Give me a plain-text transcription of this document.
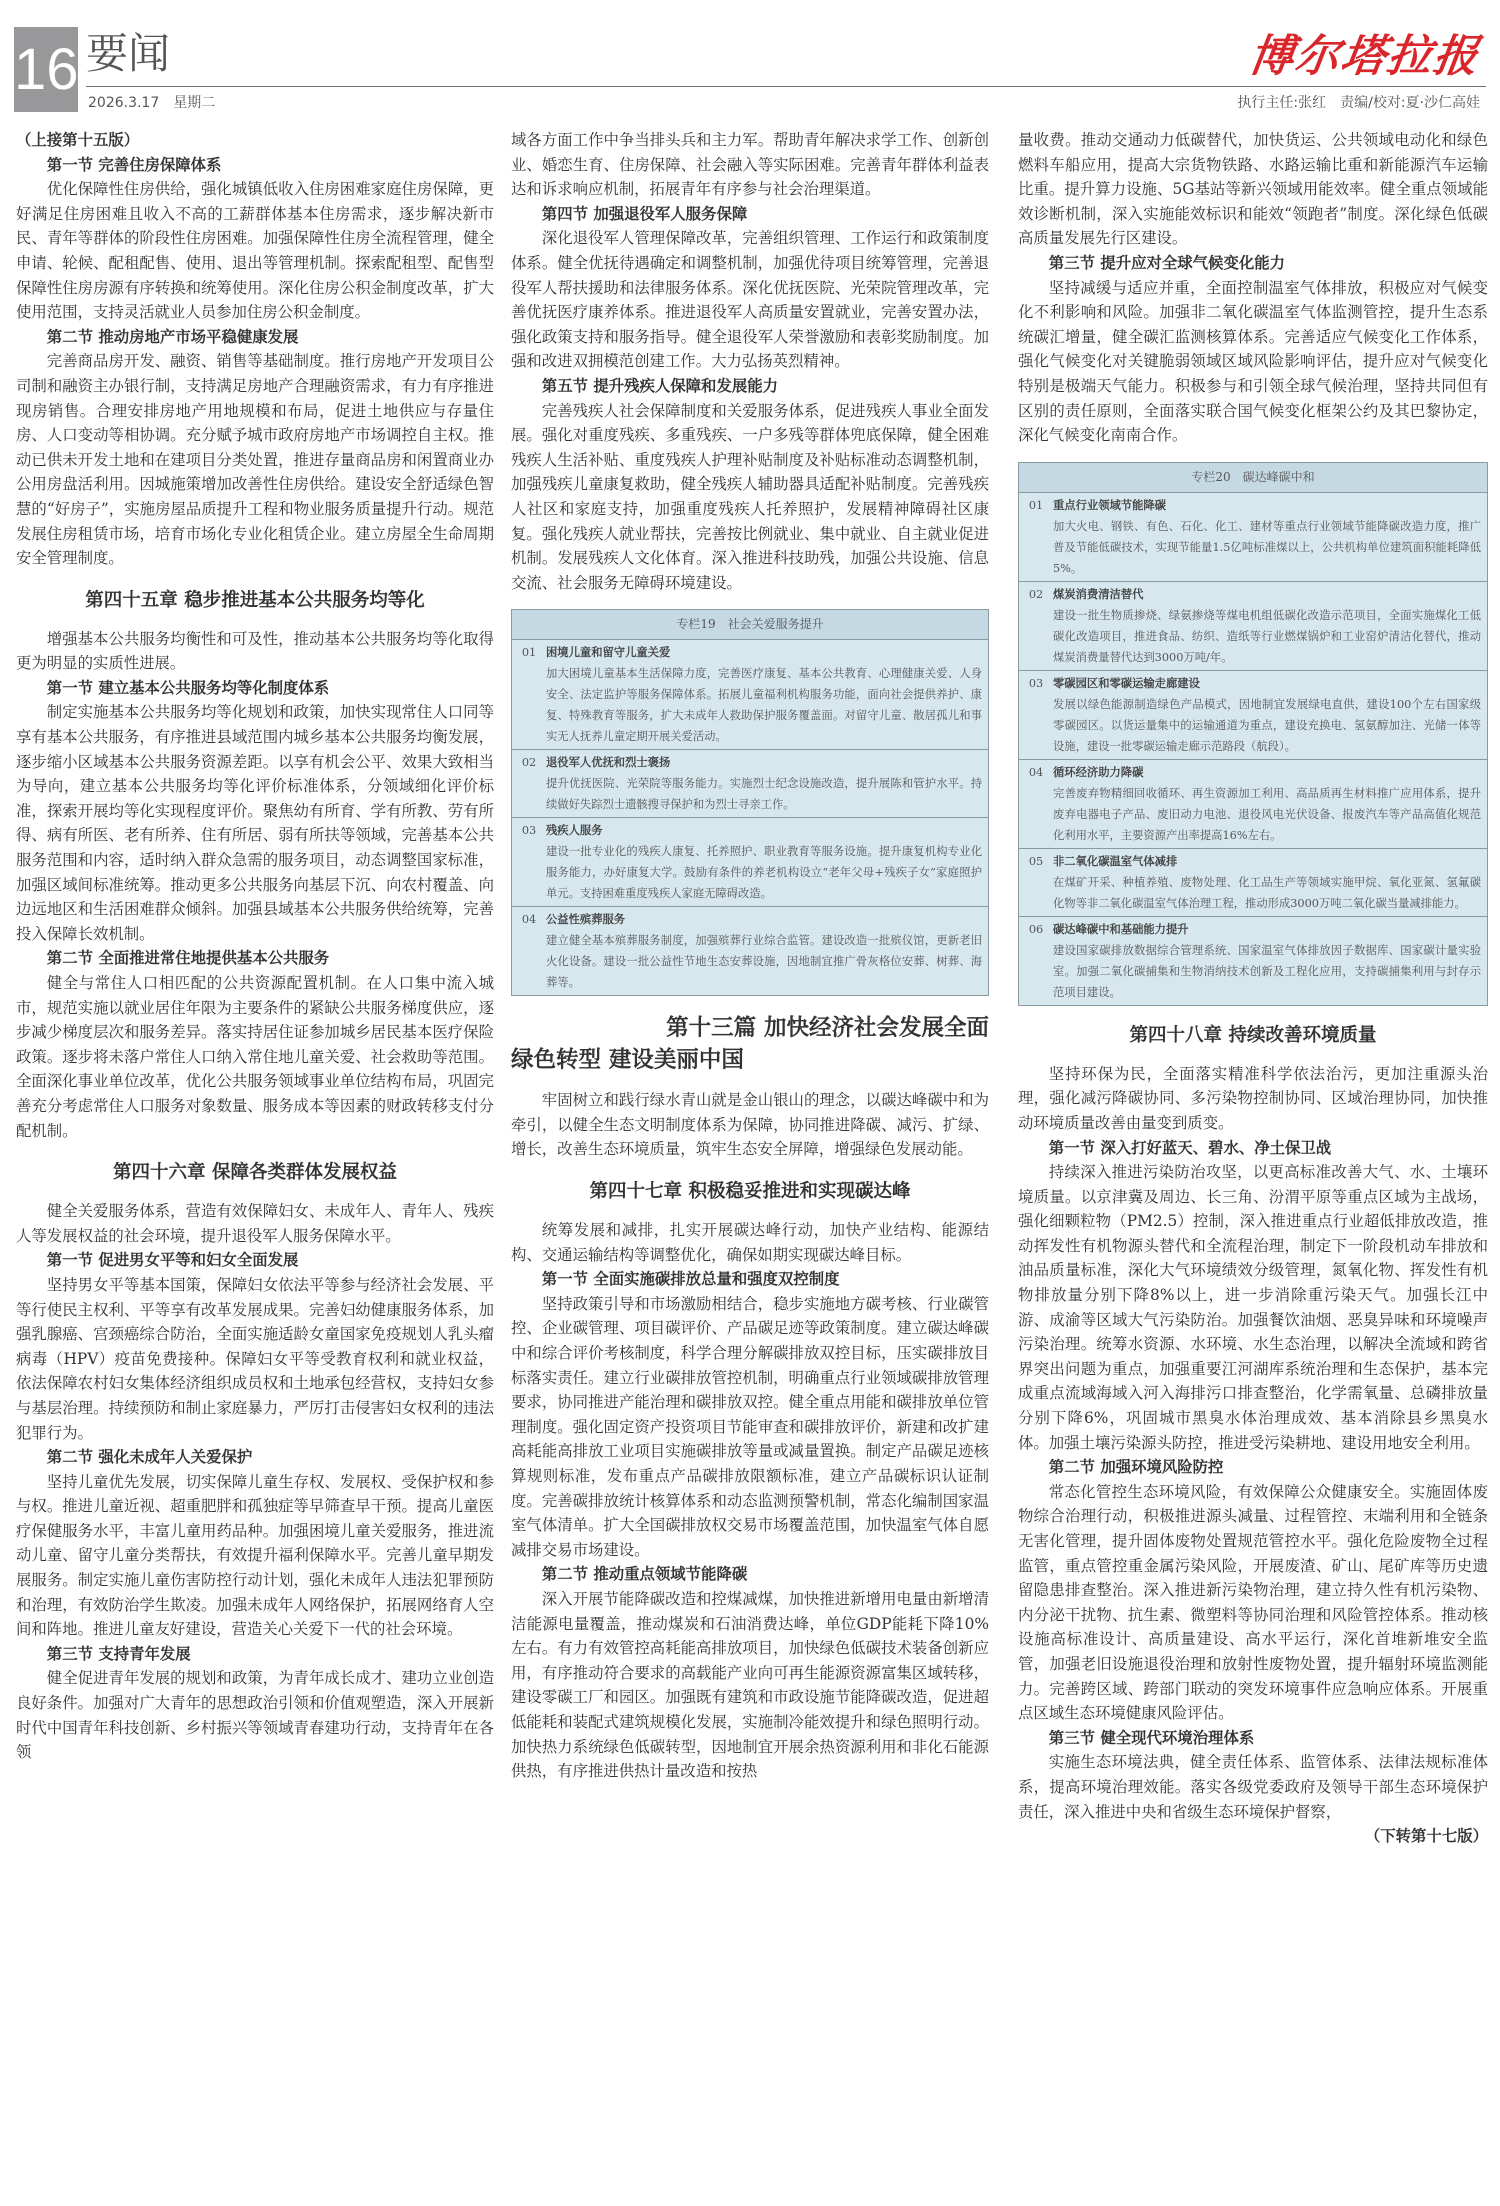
16 要闻
2026.3.17　星期二
博尔塔拉报
执行主任:张红　责编/校对:夏·沙仁高娃

（上接第十五版）

第一节 完善住房保障体系

优化保障性住房供给，强化城镇低收入住房困难家庭住房保障，更好满足住房困难且收入不高的工薪群体基本住房需求，逐步解决新市民、青年等群体的阶段性住房困难。加强保障性住房全流程管理，健全申请、轮候、配租配售、使用、退出等管理机制。探索配租型、配售型保障性住房房源有序转换和统筹使用。深化住房公积金制度改革，扩大使用范围，支持灵活就业人员参加住房公积金制度。

第二节 推动房地产市场平稳健康发展

完善商品房开发、融资、销售等基础制度。推行房地产开发项目公司制和融资主办银行制，支持满足房地产合理融资需求，有力有序推进现房销售。合理安排房地产用地规模和布局，促进土地供应与存量住房、人口变动等相协调。充分赋予城市政府房地产市场调控自主权。推动已供未开发土地和在建项目分类处置，推进存量商品房和闲置商业办公用房盘活利用。因城施策增加改善性住房供给。建设安全舒适绿色智慧的“好房子”，实施房屋品质提升工程和物业服务质量提升行动。规范发展住房租赁市场，培育市场化专业化租赁企业。建立房屋全生命周期安全管理制度。

第四十五章 稳步推进基本公共服务均等化

增强基本公共服务均衡性和可及性，推动基本公共服务均等化取得更为明显的实质性进展。

第一节 建立基本公共服务均等化制度体系

制定实施基本公共服务均等化规划和政策，加快实现常住人口同等享有基本公共服务，有序推进县域范围内城乡基本公共服务均衡发展，逐步缩小区域基本公共服务资源差距。以享有机会公平、效果大致相当为导向，建立基本公共服务均等化评价标准体系，分领域细化评价标准，探索开展均等化实现程度评价。聚焦幼有所育、学有所教、劳有所得、病有所医、老有所养、住有所居、弱有所扶等领域，完善基本公共服务范围和内容，适时纳入群众急需的服务项目，动态调整国家标准，加强区域间标准统筹。推动更多公共服务向基层下沉、向农村覆盖、向边远地区和生活困难群众倾斜。加强县域基本公共服务供给统筹，完善投入保障长效机制。

第二节 全面推进常住地提供基本公共服务

健全与常住人口相匹配的公共资源配置机制。在人口集中流入城市，规范实施以就业居住年限为主要条件的紧缺公共服务梯度供应，逐步减少梯度层次和服务差异。落实持居住证参加城乡居民基本医疗保险政策。逐步将未落户常住人口纳入常住地儿童关爱、社会救助等范围。全面深化事业单位改革，优化公共服务领域事业单位结构布局，巩固完善充分考虑常住人口服务对象数量、服务成本等因素的财政转移支付分配机制。

第四十六章 保障各类群体发展权益

健全关爱服务体系，营造有效保障妇女、未成年人、青年人、残疾人等发展权益的社会环境，提升退役军人服务保障水平。

第一节 促进男女平等和妇女全面发展

坚持男女平等基本国策，保障妇女依法平等参与经济社会发展、平等行使民主权利、平等享有改革发展成果。完善妇幼健康服务体系，加强乳腺癌、宫颈癌综合防治，全面实施适龄女童国家免疫规划人乳头瘤病毒（HPV）疫苗免费接种。保障妇女平等受教育权利和就业权益，依法保障农村妇女集体经济组织成员权和土地承包经营权，支持妇女参与基层治理。持续预防和制止家庭暴力，严厉打击侵害妇女权利的违法犯罪行为。

第二节 强化未成年人关爱保护

坚持儿童优先发展，切实保障儿童生存权、发展权、受保护权和参与权。推进儿童近视、超重肥胖和孤独症等早筛查早干预。提高儿童医疗保健服务水平，丰富儿童用药品种。加强困境儿童关爱服务，推进流动儿童、留守儿童分类帮扶，有效提升福利保障水平。完善儿童早期发展服务。制定实施儿童伤害防控行动计划，强化未成年人违法犯罪预防和治理，有效防治学生欺凌。加强未成年人网络保护，拓展网络育人空间和阵地。推进儿童友好建设，营造关心关爱下一代的社会环境。

第三节 支持青年发展

健全促进青年发展的规划和政策，为青年成长成才、建功立业创造良好条件。加强对广大青年的思想政治引领和价值观塑造，深入开展新时代中国青年科技创新、乡村振兴等领域青春建功行动，支持青年在各领

域各方面工作中争当排头兵和主力军。帮助青年解决求学工作、创新创业、婚恋生育、住房保障、社会融入等实际困难。完善青年群体利益表达和诉求响应机制，拓展青年有序参与社会治理渠道。

第四节 加强退役军人服务保障

深化退役军人管理保障改革，完善组织管理、工作运行和政策制度体系。健全优抚待遇确定和调整机制，加强优待项目统筹管理，完善退役军人帮扶援助和法律服务体系。深化优抚医院、光荣院管理改革，完善优抚医疗康养体系。推进退役军人高质量安置就业，完善安置办法，强化政策支持和服务指导。健全退役军人荣誉激励和表彰奖励制度。加强和改进双拥模范创建工作。大力弘扬英烈精神。

第五节 提升残疾人保障和发展能力

完善残疾人社会保障制度和关爱服务体系，促进残疾人事业全面发展。强化对重度残疾、多重残疾、一户多残等群体兜底保障，健全困难残疾人生活补贴、重度残疾人护理补贴制度及补贴标准动态调整机制，加强残疾儿童康复救助，健全残疾人辅助器具适配补贴制度。完善残疾人社区和家庭支持，加强重度残疾人托养照护，发展精神障碍社区康复。强化残疾人就业帮扶，完善按比例就业、集中就业、自主就业促进机制。发展残疾人文化体育。深入推进科技助残，加强公共设施、信息交流、社会服务无障碍环境建设。

专栏19　社会关爱服务提升
01 困境儿童和留守儿童关爱
加大困境儿童基本生活保障力度，完善医疗康复、基本公共教育、心理健康关爱、人身安全、法定监护等服务保障体系。拓展儿童福利机构服务功能，面向社会提供养护、康复、特殊教育等服务，扩大未成年人救助保护服务覆盖面。对留守儿童、散居孤儿和事实无人抚养儿童定期开展关爱活动。
02 退役军人优抚和烈士褒扬
提升优抚医院、光荣院等服务能力。实施烈士纪念设施改造，提升展陈和管护水平。持续做好失踪烈士遗骸搜寻保护和为烈士寻亲工作。
03 残疾人服务
建设一批专业化的残疾人康复、托养照护、职业教育等服务设施。提升康复机构专业化服务能力，办好康复大学。鼓励有条件的养老机构设立“老年父母+残疾子女”家庭照护单元。支持困难重度残疾人家庭无障碍改造。
04 公益性殡葬服务
建立健全基本殡葬服务制度，加强殡葬行业综合监管。建设改造一批殡仪馆，更新老旧火化设备。建设一批公益性节地生态安葬设施，因地制宜推广骨灰格位安葬、树葬、海葬等。
第十三篇 加快经济社会发展全面
绿色转型 建设美丽中国

牢固树立和践行绿水青山就是金山银山的理念，以碳达峰碳中和为牵引，以健全生态文明制度体系为保障，协同推进降碳、减污、扩绿、增长，改善生态环境质量，筑牢生态安全屏障，增强绿色发展动能。

第四十七章 积极稳妥推进和实现碳达峰

统筹发展和减排，扎实开展碳达峰行动，加快产业结构、能源结构、交通运输结构等调整优化，确保如期实现碳达峰目标。

第一节 全面实施碳排放总量和强度双控制度

坚持政策引导和市场激励相结合，稳步实施地方碳考核、行业碳管控、企业碳管理、项目碳评价、产品碳足迹等政策制度。建立碳达峰碳中和综合评价考核制度，科学合理分解碳排放双控目标，压实碳排放目标落实责任。建立行业碳排放管控机制，明确重点行业领域碳排放管理要求，协同推进产能治理和碳排放双控。健全重点用能和碳排放单位管理制度。强化固定资产投资项目节能审查和碳排放评价，新建和改扩建高耗能高排放工业项目实施碳排放等量或减量置换。制定产品碳足迹核算规则标准，发布重点产品碳排放限额标准，建立产品碳标识认证制度。完善碳排放统计核算体系和动态监测预警机制，常态化编制国家温室气体清单。扩大全国碳排放权交易市场覆盖范围，加快温室气体自愿减排交易市场建设。

第二节 推动重点领域节能降碳

深入开展节能降碳改造和控煤减煤，加快推进新增用电量由新增清洁能源电量覆盖，推动煤炭和石油消费达峰，单位GDP能耗下降10%左右。有力有效管控高耗能高排放项目，加快绿色低碳技术装备创新应用，有序推动符合要求的高载能产业向可再生能源资源富集区域转移，建设零碳工厂和园区。加强既有建筑和市政设施节能降碳改造，促进超低能耗和装配式建筑规模化发展，实施制冷能效提升和绿色照明行动。加快热力系统绿色低碳转型，因地制宜开展余热资源利用和非化石能源供热，有序推进供热计量改造和按热

量收费。推动交通动力低碳替代，加快货运、公共领域电动化和绿色燃料车船应用，提高大宗货物铁路、水路运输比重和新能源汽车运输比重。提升算力设施、5G基站等新兴领域用能效率。健全重点领域能效诊断机制，深入实施能效标识和能效“领跑者”制度。深化绿色低碳高质量发展先行区建设。

第三节 提升应对全球气候变化能力

坚持减缓与适应并重，全面控制温室气体排放，积极应对气候变化不利影响和风险。加强非二氧化碳温室气体监测管控，提升生态系统碳汇增量，健全碳汇监测核算体系。完善适应气候变化工作体系，强化气候变化对关键脆弱领域区域风险影响评估，提升应对气候变化特别是极端天气能力。积极参与和引领全球气候治理，坚持共同但有区别的责任原则，全面落实联合国气候变化框架公约及其巴黎协定，深化气候变化南南合作。

专栏20　碳达峰碳中和
01 重点行业领域节能降碳
加大火电、钢铁、有色、石化、化工、建材等重点行业领域节能降碳改造力度，推广普及节能低碳技术，实现节能量1.5亿吨标准煤以上，公共机构单位建筑面积能耗降低5%。
02 煤炭消费清洁替代
建设一批生物质掺烧、绿氨掺烧等煤电机组低碳化改造示范项目，全面实施煤化工低碳化改造项目，推进食品、纺织、造纸等行业燃煤锅炉和工业窑炉清洁化替代，推动煤炭消费量替代达到3000万吨/年。
03 零碳园区和零碳运输走廊建设
发展以绿色能源制造绿色产品模式，因地制宜发展绿电直供，建设100个左右国家级零碳园区。以货运量集中的运输通道为重点，建设充换电、氢氨醇加注、光储一体等设施，建设一批零碳运输走廊示范路段（航段）。
04 循环经济助力降碳
完善废弃物精细回收循环、再生资源加工利用、高品质再生材料推广应用体系，提升废弃电器电子产品、废旧动力电池、退役风电光伏设备、报废汽车等产品高值化规范化利用水平，主要资源产出率提高16%左右。
05 非二氧化碳温室气体减排
在煤矿开采、种植养殖、废物处理、化工品生产等领域实施甲烷、氧化亚氮、氢氟碳化物等非二氧化碳温室气体治理工程，推动形成3000万吨二氧化碳当量减排能力。
06 碳达峰碳中和基础能力提升
建设国家碳排放数据综合管理系统、国家温室气体排放因子数据库、国家碳计量实验室。加强二氧化碳捕集和生物消纳技术创新及工程化应用，支持碳捕集利用与封存示范项目建设。
第四十八章 持续改善环境质量

坚持环保为民，全面落实精准科学依法治污，更加注重源头治理，强化减污降碳协同、多污染物控制协同、区域治理协同，加快推动环境质量改善由量变到质变。

第一节 深入打好蓝天、碧水、净土保卫战

持续深入推进污染防治攻坚，以更高标准改善大气、水、土壤环境质量。以京津冀及周边、长三角、汾渭平原等重点区域为主战场，强化细颗粒物（PM2.5）控制，深入推进重点行业超低排放改造，推动挥发性有机物源头替代和全流程治理，制定下一阶段机动车排放和油品质量标准，深化大气环境绩效分级管理，氮氧化物、挥发性有机物排放量分别下降8%以上，进一步消除重污染天气。加强长江中游、成渝等区域大气污染防治。加强餐饮油烟、恶臭异味和环境噪声污染治理。统筹水资源、水环境、水生态治理，以解决全流域和跨省界突出问题为重点，加强重要江河湖库系统治理和生态保护，基本完成重点流域海域入河入海排污口排查整治，化学需氧量、总磷排放量分别下降6%，巩固城市黑臭水体治理成效、基本消除县乡黑臭水体。加强土壤污染源头防控，推进受污染耕地、建设用地安全利用。

第二节 加强环境风险防控

常态化管控生态环境风险，有效保障公众健康安全。实施固体废物综合治理行动，积极推进源头减量、过程管控、末端利用和全链条无害化管理，提升固体废物处置规范管控水平。强化危险废物全过程监管，重点管控重金属污染风险，开展废渣、矿山、尾矿库等历史遗留隐患排查整治。深入推进新污染物治理，建立持久性有机污染物、内分泌干扰物、抗生素、微塑料等协同治理和风险管控体系。推动核设施高标准设计、高质量建设、高水平运行，深化首堆新堆安全监管，加强老旧设施退役治理和放射性废物处置，提升辐射环境监测能力。完善跨区域、跨部门联动的突发环境事件应急响应体系。开展重点区域生态环境健康风险评估。

第三节 健全现代环境治理体系

实施生态环境法典，健全责任体系、监管体系、法律法规标准体系，提高环境治理效能。落实各级党委政府及领导干部生态环境保护责任，深入推进中央和省级生态环境保护督察，

（下转第十七版）
